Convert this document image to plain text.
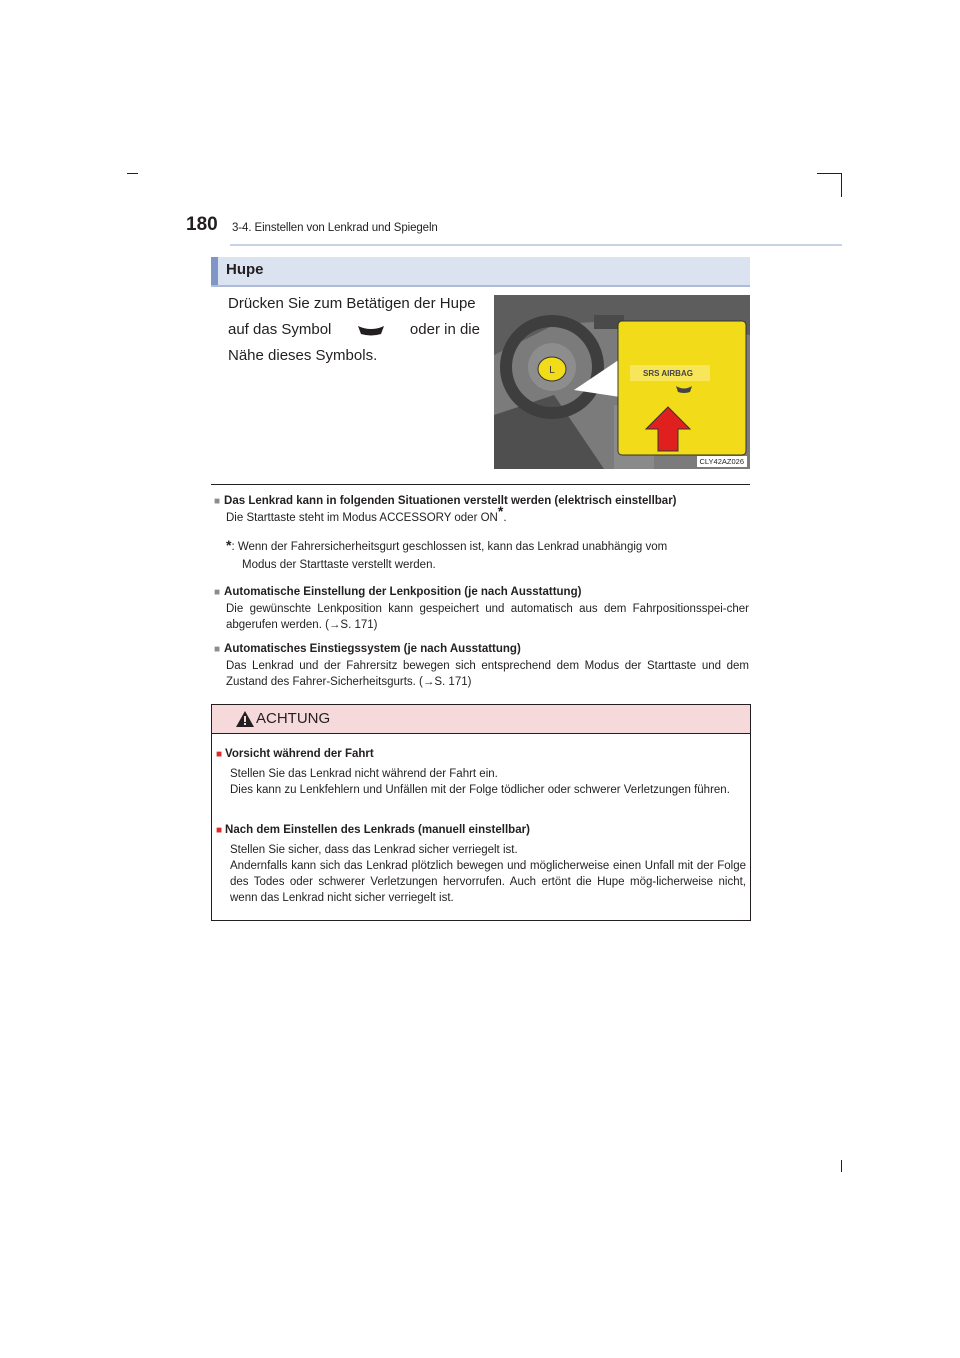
180 3-4. Einstellen von Lenkrad und Spiegeln
Hupe
Drücken Sie zum Betätigen der Hupe
auf das Symbol	oder in die
Nähe dieses Symbols.
L	SRS AIRBAG
CLY42AZ026
■ Das Lenkrad kann in folgenden Situationen verstellt werden (elektrisch einstellbar)
Die Starttaste steht im Modus ACCESSORY oder ON*.
*: Wenn der Fahrersicherheitsgurt geschlossen ist, kann das Lenkrad unabhängig vom
Modus der Starttaste verstellt werden.
■ Automatische Einstellung der Lenkposition (je nach Ausstattung)
Die gewünschte Lenkposition kann gespeichert und automatisch aus dem Fahrpositionsspei-cher abgerufen werden. (→S. 171)
■ Automatisches Einstiegssystem (je nach Ausstattung)
Das Lenkrad und der Fahrersitz bewegen sich entsprechend dem Modus der Starttaste und dem Zustand des Fahrer-Sicherheitsgurts. (→S. 171)
ACHTUNG
■ Vorsicht während der Fahrt
Stellen Sie das Lenkrad nicht während der Fahrt ein.
Dies kann zu Lenkfehlern und Unfällen mit der Folge tödlicher oder schwerer Verletzungen führen.
■ Nach dem Einstellen des Lenkrads (manuell einstellbar)
Stellen Sie sicher, dass das Lenkrad sicher verriegelt ist.
Andernfalls kann sich das Lenkrad plötzlich bewegen und möglicherweise einen Unfall mit der Folge des Todes oder schwerer Verletzungen hervorrufen. Auch ertönt die Hupe mög-licherweise nicht, wenn das Lenkrad nicht sicher verriegelt ist.
